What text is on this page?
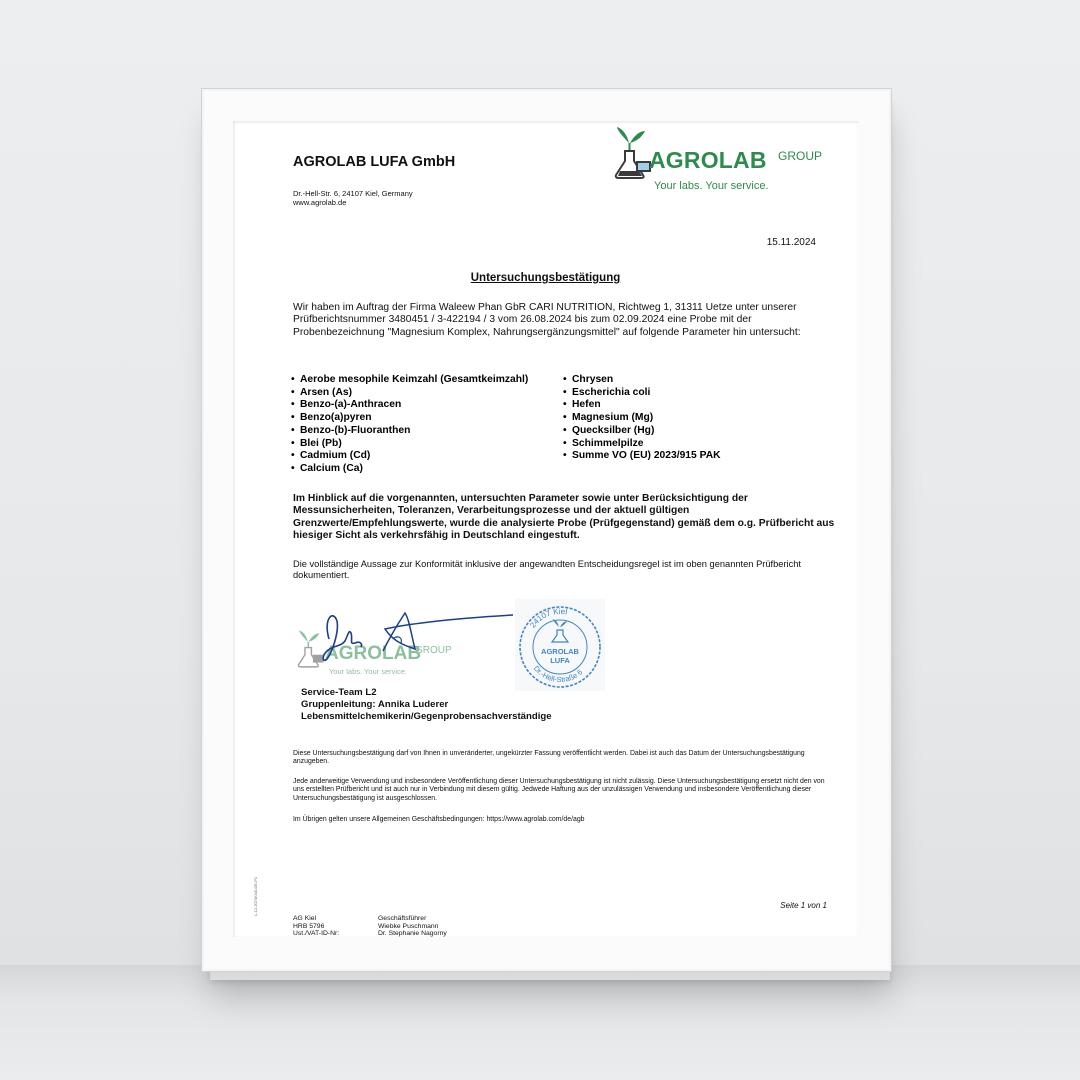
AGROLAB LUFA GmbH
Dr.-Hell-Str. 6, 24107 Kiel, Germany
www.agrolab.de
AGROLAB GROUP
Your labs. Your service.
15.11.2024
Untersuchungsbestätigung
Wir haben im Auftrag der Firma Waleew Phan GbR CARI NUTRITION, Richtweg 1, 31311 Uetze unter unserer Prüfberichtsnummer 3480451 / 3-422194 / 3 vom 26.08.2024 bis zum 02.09.2024 eine Probe mit der Probenbezeichnung "Magnesium Komplex, Nahrungsergänzungsmittel" auf folgende Parameter hin untersucht:
• Aerobe mesophile Keimzahl (Gesamtkeimzahl)
• Arsen (As)
• Benzo-(a)-Anthracen
• Benzo(a)pyren
• Benzo-(b)-Fluoranthen
• Blei (Pb)
• Cadmium (Cd)
• Calcium (Ca)
• Chrysen
• Escherichia coli
• Hefen
• Magnesium (Mg)
• Quecksilber (Hg)
• Schimmelpilze
• Summe VO (EU) 2023/915 PAK
Im Hinblick auf die vorgenannten, untersuchten Parameter sowie unter Berücksichtigung der Messunsicherheiten, Toleranzen, Verarbeitungsprozesse und der aktuell gültigen Grenzwerte/Empfehlungswerte, wurde die analysierte Probe (Prüfgegenstand) gemäß dem o.g. Prüfbericht aus hiesiger Sicht als verkehrsfähig in Deutschland eingestuft.
Die vollständige Aussage zur Konformität inklusive der angewandten Entscheidungsregel ist im oben genannten Prüfbericht dokumentiert.
AGROLAB
GROUP
Your labs. Your service.
24107 Kiel
Dr.-Hell-Straße 6
AGROLAB
LUFA
Service-Team L2
Gruppenleitung: Annika Luderer
Lebensmittelchemikerin/Gegenprobensachverständige
Diese Untersuchungsbestätigung darf von Ihnen in unveränderter, ungekürzter Fassung veröffentlicht werden. Dabei ist auch das Datum der Untersuchungsbestätigung anzugeben.
Jede anderweitige Verwendung und insbesondere Veröffentlichung dieser Untersuchungsbestätigung ist nicht zulässig. Diese Untersuchungsbestätigung ersetzt nicht den von uns erstellten Prüfbericht und ist auch nur in Verbindung mit diesem gültig. Jedwede Haftung aus der unzulässigen Verwendung und insbesondere Veröffentlichung dieser Untersuchungsbestätigung ist ausgeschlossen.
Im Übrigen gelten unsere Allgemeinen Geschäftsbedingungen: https://www.agrolab.com/de/agb
Seite 1 von 1
L-12-2073/043-DE-P1
AG Kiel
HRB 5796
Ust./VAT-ID-Nr:
Geschäftsführer
Wiebke Puschmann
Dr. Stephanie Nagorny
